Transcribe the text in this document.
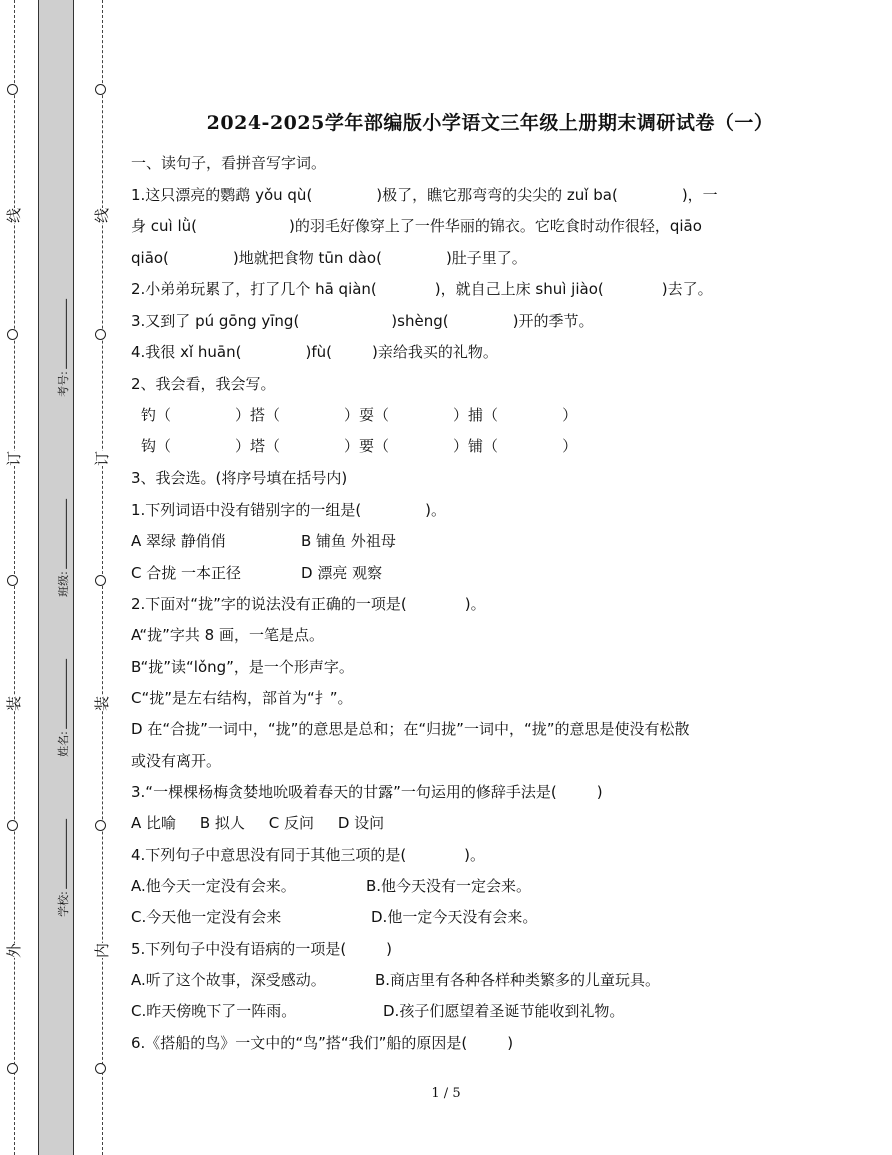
线
订
装
外
线
订
装
内
考号:
班级:
姓名:
学校:
2024-2025学年部编版小学语文三年级上册期末调研试卷（一）
一、读句子，看拼音写字词。
1.这只漂亮的鹦鹉 yǒu qù(	)极了，瞧它那弯弯的尖尖的 zuǐ ba(	)，一
身 cuì lǜ(	)的羽毛好像穿上了一件华丽的锦衣。它吃食时动作很轻，qiāo
qiāo(	)地就把食物 tūn dào(	)肚子里了。
2.小弟弟玩累了，打了几个 hā qiàn(	)，就自己上床 shuì jiào(	)去了。
3.又到了 pú gōng yīng(	)shèng(	)开的季节。
4.我很 xǐ huān(	)fù(	)亲给我买的礼物。
2、我会看，我会写。
钓（	）搭（	）耍（	）捕（	）
钩（	）塔（	）要（	）铺（	）
3、我会选。(将序号填在括号内)
1.下列词语中没有错别字的一组是(	)。
A 翠绿 静俏俏	B 铺鱼 外祖母
C 合拢 一本正径	D 漂亮 观察
2.下面对“拢”字的说法没有正确的一项是(	)。
A“拢”字共 8 画，一笔是点。
B“拢”读“lǒng”，是一个形声字。
C“拢”是左右结构，部首为“扌”。
D 在“合拢”一词中，“拢”的意思是总和；在“归拢”一词中，“拢”的意思是使没有松散
或没有离开。
3.“一棵棵杨梅贪婪地吮吸着春天的甘露”一句运用的修辞手法是(	)
A 比喻     B 拟人     C 反问     D 设问
4.下列句子中意思没有同于其他三项的是(	)。
A.他今天一定没有会来。	B.他今天没有一定会来。
C.今天他一定没有会来	D.他一定今天没有会来。
5.下列句子中没有语病的一项是(	)
A.听了这个故事，深受感动。	B.商店里有各种各样种类繁多的儿童玩具。
C.昨天傍晚下了一阵雨。	D.孩子们愿望着圣诞节能收到礼物。
6.《搭船的鸟》一文中的“鸟”搭“我们”船的原因是(	)
1 / 5
